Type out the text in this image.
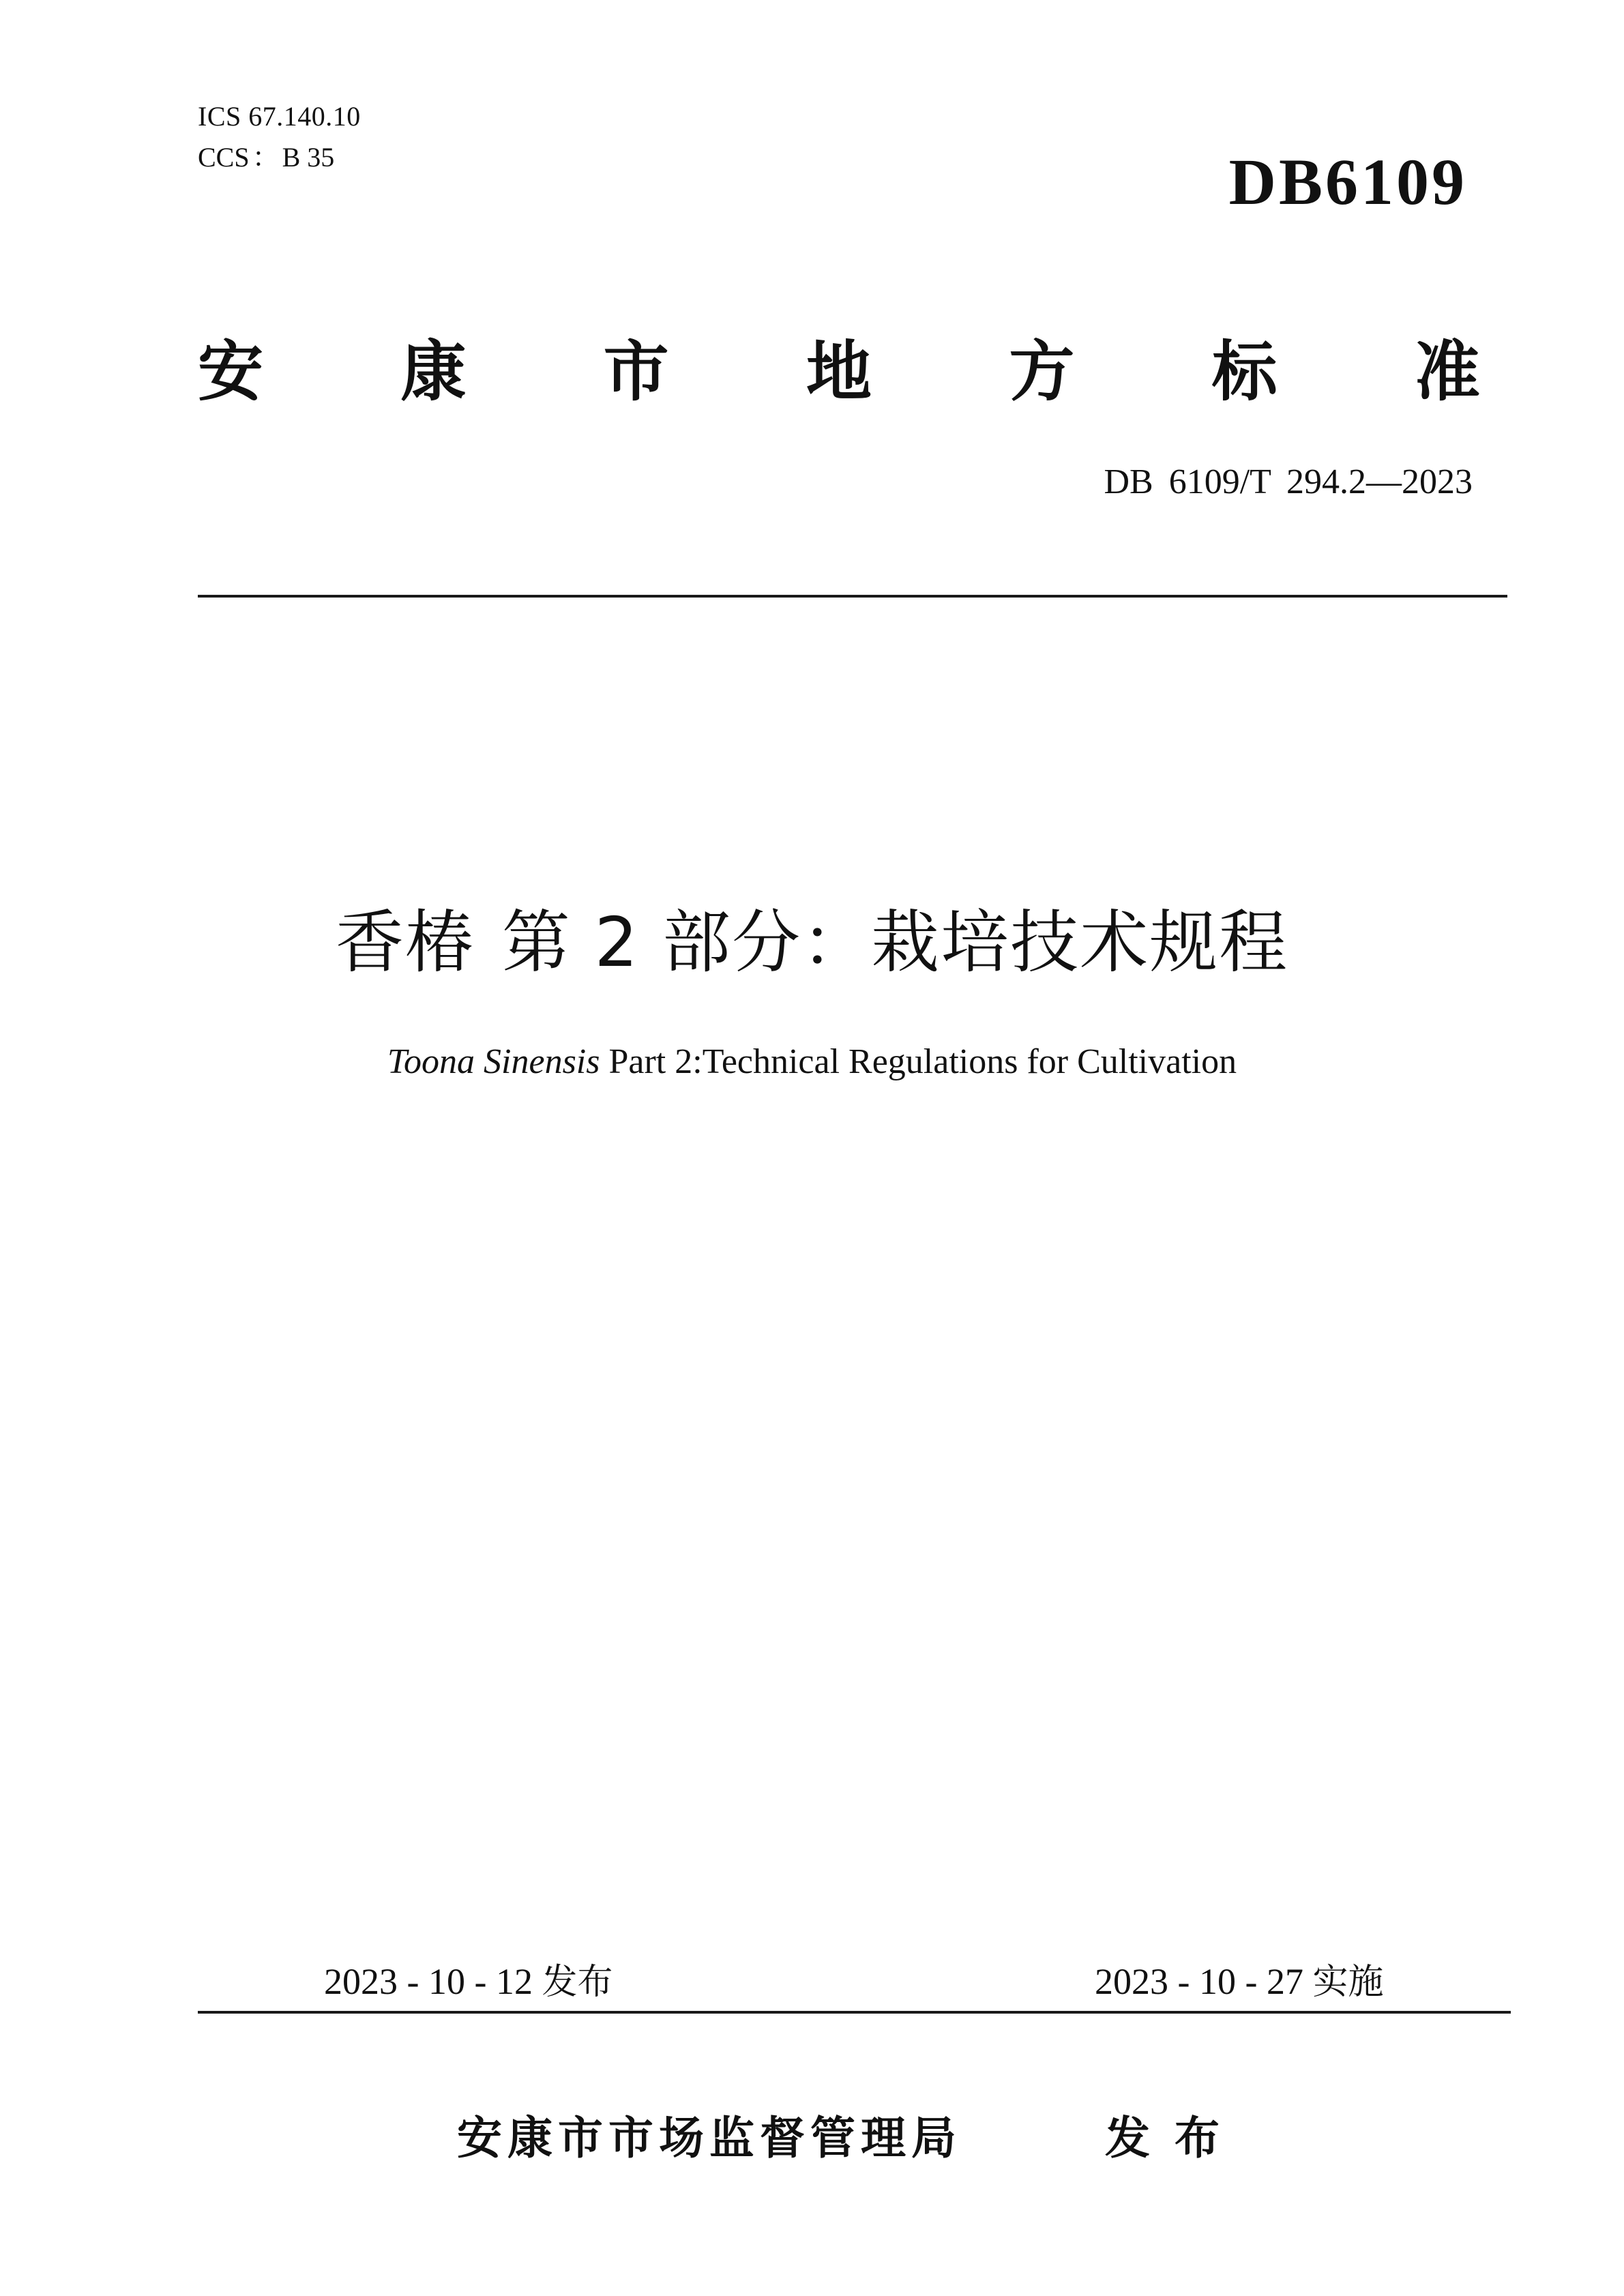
ICS 67.140.10
CCS ： B 35	DB6109
安 康 市 地 方 标 准
DB 6109/T 294.2—2023
香椿 第 2 部分：栽培技术规程
Toona Sinensis Part 2:Technical Regulations for Cultivation
2023 - 10 - 12 发布	2023 - 10 - 27 实施
安康市市场监督管理局	发布
